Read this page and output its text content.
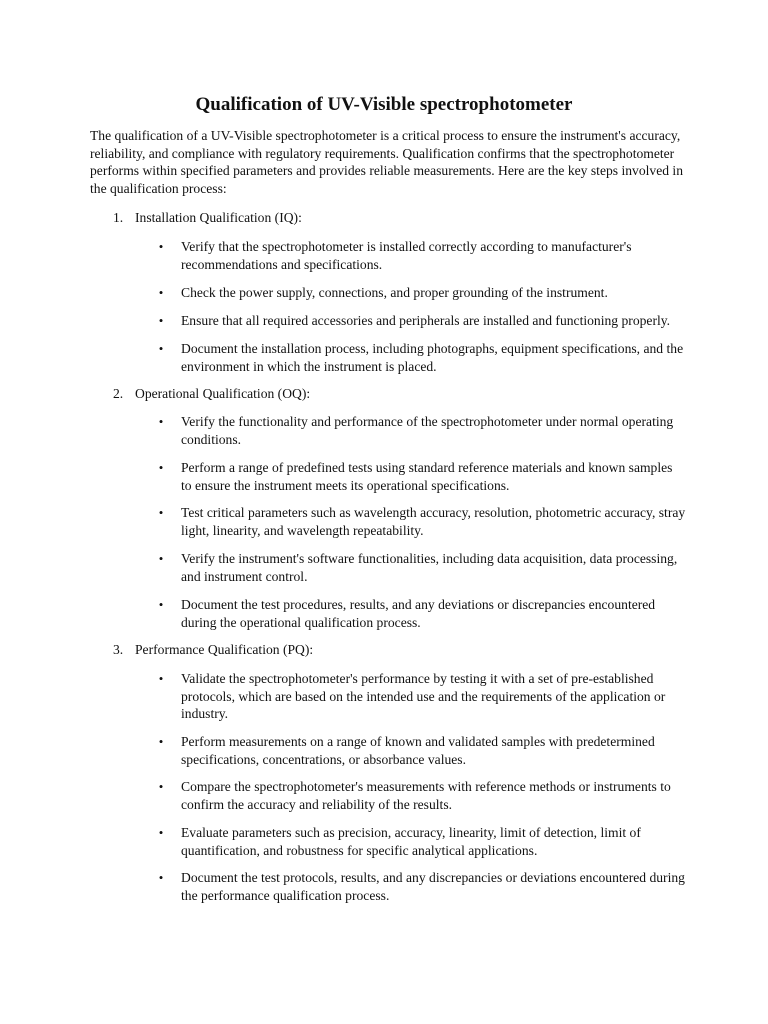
Qualification of UV-Visible spectrophotometer

The qualification of a UV-Visible spectrophotometer is a critical process to ensure the instrument's accuracy, reliability, and compliance with regulatory requirements. Qualification confirms that the spectrophotometer performs within specified parameters and provides reliable measurements. Here are the key steps involved in the qualification process:

1. Installation Qualification (IQ):
• Verify that the spectrophotometer is installed correctly according to manufacturer's recommendations and specifications.
• Check the power supply, connections, and proper grounding of the instrument.
• Ensure that all required accessories and peripherals are installed and functioning properly.
• Document the installation process, including photographs, equipment specifications, and the environment in which the instrument is placed.
2. Operational Qualification (OQ):
• Verify the functionality and performance of the spectrophotometer under normal operating conditions.
• Perform a range of predefined tests using standard reference materials and known samples to ensure the instrument meets its operational specifications.
• Test critical parameters such as wavelength accuracy, resolution, photometric accuracy, stray light, linearity, and wavelength repeatability.
• Verify the instrument's software functionalities, including data acquisition, data processing, and instrument control.
• Document the test procedures, results, and any deviations or discrepancies encountered during the operational qualification process.
3. Performance Qualification (PQ):
• Validate the spectrophotometer's performance by testing it with a set of pre-established protocols, which are based on the intended use and the requirements of the application or industry.
• Perform measurements on a range of known and validated samples with predetermined specifications, concentrations, or absorbance values.
• Compare the spectrophotometer's measurements with reference methods or instruments to confirm the accuracy and reliability of the results.
• Evaluate parameters such as precision, accuracy, linearity, limit of detection, limit of quantification, and robustness for specific analytical applications.
• Document the test protocols, results, and any discrepancies or deviations encountered during the performance qualification process.
